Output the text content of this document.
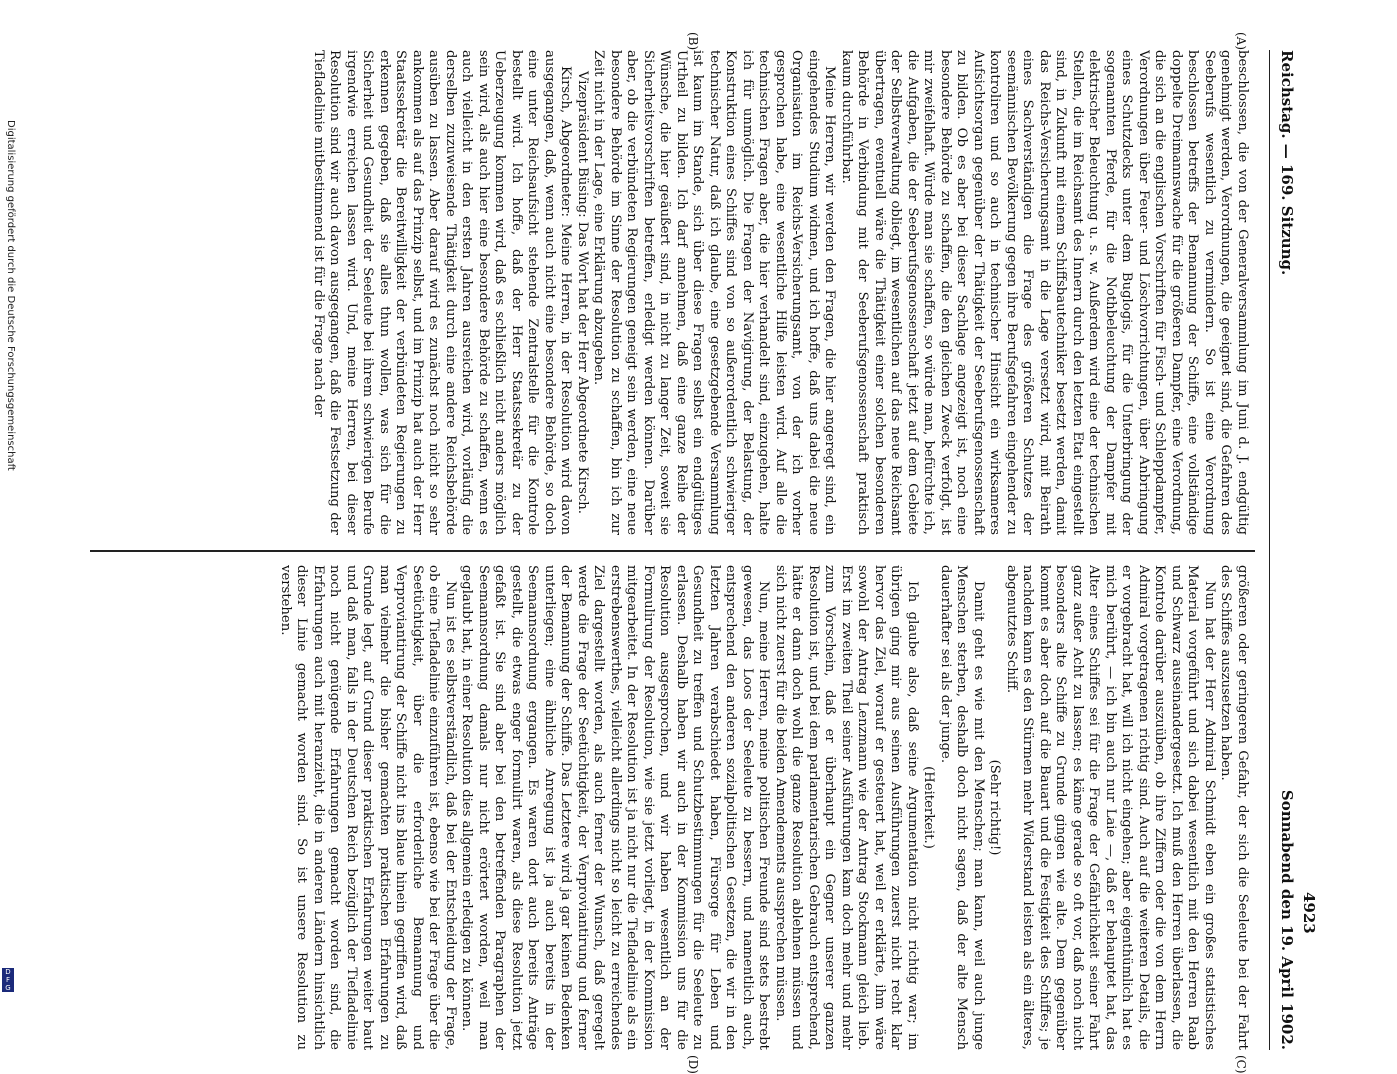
Digitalisierung gefördert durch die Deutsche Forschungsgemeinschaft
D
F
G
Reichstag. — 169. Sitzung.
Sonnabend den 19. April 1902.
(A)
(B)
(C)
(D)

beschlossen, die von der Generalversammlung im Juni d. J. endgültig genehmigt werden, Verordnungen, die geeignet sind, die Gefahren des Seeberufs wesentlich zu vermindern. So ist eine Verordnung beschlossen betreffs der Bemannung der Schiffe, eine vollständige doppelte Dreimannswache für die größeren Dampfer, eine Verordnung, die sich an die englischen Vorschriften für Fisch- und Schleppdampfer, Verordnungen über Feuer- und Löschvorrichtungen, über Anbringung eines Schutzdecks unter dem Buglogis, für die Unterbringung der sogenannten Pferde, für die Nothbeleuchtung der Dampfer mit elektrischer Beleuchtung u. s. w. Außerdem wird eine der technischen Stellen, die im Reichsamt des Innern durch den letzten Etat eingestellt sind, in Zukunft mit einem Schiffsbautechniker besetzt werden, damit das Reichs-Versicherungsamt in die Lage versetzt wird, mit Beirath eines Sachverständigen die Frage des größeren Schutzes der seemännischen Bevölkerung gegen ihre Berufsgefahren eingehender zu kontroliren und so auch in technischer Hinsicht ein wirksameres Aufsichtsorgan gegenüber der Thätigkeit der Seeberufsgenossenschaft zu bilden. Ob es aber bei dieser Sachlage angezeigt ist, noch eine besondere Behörde zu schaffen, die den gleichen Zweck verfolgt, ist mir zweifelhaft. Würde man sie schaffen, so würde man, befürchte ich, die Aufgaben, die der Seeberufsgenossenschaft jetzt auf dem Gebiete der Selbstverwaltung obliegt, im wesentlichen auf das neue Reichsamt übertragen, eventuell wäre die Thätigkeit einer solchen besonderen Behörde in Verbindung mit der Seeberufsgenossenschaft praktisch kaum durchführbar.

Meine Herren, wir werden den Fragen, die hier angeregt sind, ein eingehendes Studium widmen, und ich hoffe, daß uns dabei die neue Organisation im Reichs-Versicherungsamt, von der ich vorher gesprochen habe, eine wesentliche Hilfe leisten wird. Auf alle die technischen Fragen aber, die hier verhandelt sind, einzugehen, halte ich für unmöglich. Die Fragen der Navigirung, der Belastung, der Konstruktion eines Schiffes sind von so außerordentlich schwieriger technischer Natur, daß ich glaube, eine gesetzgebende Versammlung ist kaum im Stande, sich über diese Fragen selbst ein endgültiges Urtheil zu bilden. Ich darf annehmen, daß eine ganze Reihe der Wünsche, die hier geäußert sind, in nicht zu langer Zeit, soweit sie Sicherheitsvorschriften betreffen, erledigt werden können. Darüber aber, ob die verbündeten Regierungen geneigt sein werden, eine neue besondere Behörde im Sinne der Resolution zu schaffen, bin ich zur Zeit nicht in der Lage, eine Erklärung abzugeben.

Vizepräsident Büsing: Das Wort hat der Herr Abgeordnete Kirsch.

Kirsch, Abgeordneter: Meine Herren, in der Resolution wird davon ausgegangen, daß, wenn auch nicht eine besondere Behörde, so doch eine unter Reichsaufsicht stehende Zentralstelle für die Kontrole bestellt wird. Ich hoffe, daß der Herr Staatssekretär zu der Ueberzeugung kommen wird, daß es schließlich nicht anders möglich sein wird, als auch hier eine besondere Behörde zu schaffen, wenn es auch vielleicht in den ersten Jahren ausreichen wird, vorläufig die derselben zuzuweisende Thätigkeit durch eine andere Reichsbehörde ausüben zu lassen. Aber darauf wird es zunächst noch nicht so sehr ankommen als auf das Prinzip selbst, und im Prinzip hat auch der Herr Staatssekretär die Bereitwilligkeit der verbündeten Regierungen zu erkennen gegeben, daß sie alles thun wollen, was sich für die Sicherheit und Gesundheit der Seeleute bei ihrem schwierigen Berufe irgendwie erreichen lassen wird. Und, meine Herren, bei dieser Resolution sind wir auch davon ausgegangen, daß die Festsetzung der Tiefladelinie mitbestimmend ist für die Frage nach der

größeren oder geringeren Gefahr, der sich die Seeleute bei der Fahrt des Schiffes auszusetzen haben.

Nun hat der Herr Admiral Schmidt eben ein großes statistisches Material vorgeführt und sich dabei wesentlich mit den Herren Raab und Schwarz auseinandergesetzt. Ich muß den Herren überlassen, die Kontrole darüber auszuüben, ob ihre Ziffern oder die von dem Herrn Admiral vorgetragenen richtig sind. Auch auf die weiteren Details, die er vorgebracht hat, will ich nicht eingehen; aber eigenthümlich hat es mich berührt, — ich bin auch nur Laie —, daß er behauptet hat, das Alter eines Schiffes sei für die Frage der Gefährlichkeit seiner Fahrt ganz außer Acht zu lassen; es käme gerade so oft vor, daß noch nicht besonders alte Schiffe zu Grunde gingen wie alte. Dem gegenüber kommt es aber doch auf die Bauart und die Festigkeit des Schiffes; je nachdem kann es den Stürmen mehr Widerstand leisten als ein älteres, abgenutztes Schiff.

(Sehr richtig!)

Damit geht es wie mit den Menschen; man kann, weil auch junge Menschen sterben, deshalb doch nicht sagen, daß der alte Mensch dauerhafter sei als der junge.

(Heiterkeit.)

Ich glaube also, daß seine Argumentation nicht richtig war; im übrigen ging mir aus seinen Ausführungen zuerst nicht recht klar hervor das Ziel, worauf er gesteuert hat, weil er erklärte, ihm wäre sowohl der Antrag Lenzmann wie der Antrag Stockmann gleich lieb. Erst im zweiten Theil seiner Ausführungen kam doch mehr und mehr zum Vorschein, daß er überhaupt ein Gegner unserer ganzen Resolution ist, und bei dem parlamentarischen Gebrauch entsprechend, hätte er dann doch wohl die ganze Resolution ablehnen müssen und sich nicht zuerst für die beiden Amendements aussprechen müssen.

Nun, meine Herren, meine politischen Freunde sind stets bestrebt gewesen, das Loos der Seeleute zu bessern, und namentlich auch, entsprechend den anderen sozialpolitischen Gesetzen, die wir in den letzten Jahren verabschiedet haben, Fürsorge für Leben und Gesundheit zu treffen und Schutzbestimmungen für die Seeleute zu erlassen. Deshalb haben wir auch in der Kommission uns für die Resolution ausgesprochen, und wir haben wesentlich an der Formulirung der Resolution, wie sie jetzt vorliegt, in der Kommission mitgearbeitet. In der Resolution ist ja nicht nur die Tiefladelinie als ein erstrebenswerthes, vielleicht allerdings nicht so leicht zu erreichendes Ziel dargestellt worden, als auch ferner der Wunsch, daß geregelt werde die Frage der Seetüchtigkeit, der Verproviantirung und ferner der Bemannung der Schiffe. Das Letztere wird ja gar keinen Bedenken unterliegen; eine ähnliche Anregung ist ja auch bereits in der Seemannsordnung ergangen. Es waren dort auch bereits Anträge gestellt, die etwas enger formulirt waren, als diese Resolution jetzt gefaßt ist. Sie sind aber bei den betreffenden Paragraphen der Seemannsordnung damals nur nicht erörtert worden, weil man geglaubt hat, in einer Resolution dies allgemein erledigen zu können.

Nun ist es selbstverständlich, daß bei der Entscheidung der Frage, ob eine Tiefladelinie einzuführen ist, ebenso wie bei der Frage über die Seetüchtigkeit, über die erforderliche Bemannung und Verproviantirung der Schiffe nicht ins blaue hinein gegriffen wird, daß man vielmehr die bisher gemachten praktischen Erfahrungen zu Grunde legt, auf Grund dieser praktischen Erfahrungen weiter baut und daß man, falls in der Deutschen Reich bezüglich der Tiefladelinie noch nicht genügende Erfahrungen gemacht worden sind, die Erfahrungen auch mit heranzieht, die in anderen Ländern hinsichtlich dieser Linie gemacht worden sind. So ist unsere Resolution zu verstehen.

4923
